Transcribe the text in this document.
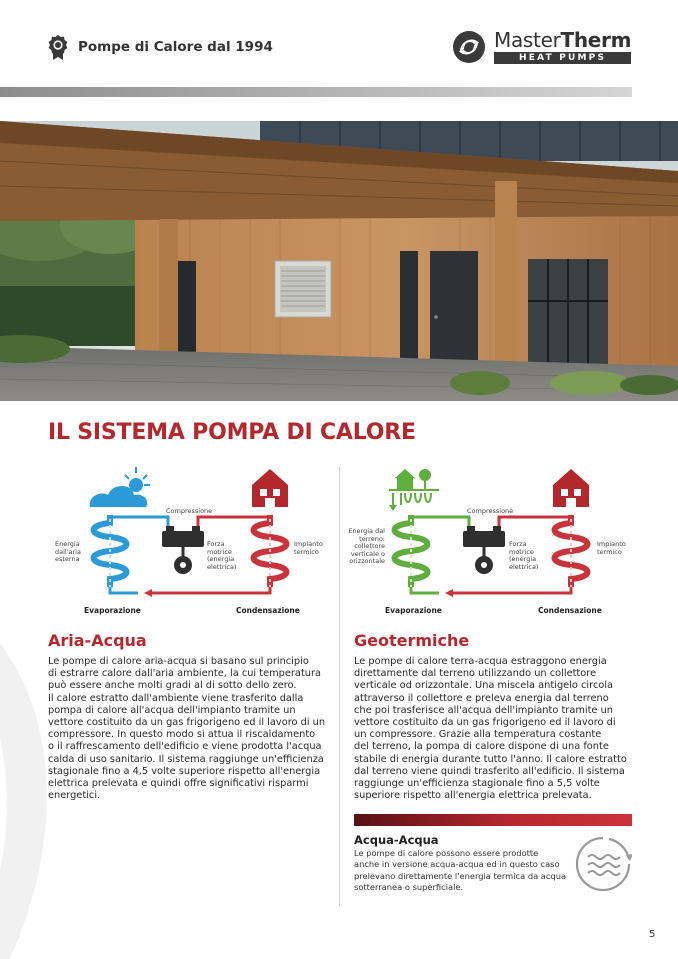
Pompe di Calore dal 1994	MasterTherm
HEAT PUMPS
IL SISTEMA POMPA DI CALORE
Compressione
Energia
dall'aria
esterna
Forza
motrice
(energia
elettrica)
Impianto
termico
Evaporazione	Condensazione
Compressione
Energia dal
terreno:
collettore
verticale o
orizzontale
Forza
motrice
(energia
elettrica)
Impianto
termico
Evaporazione	Condensazione
Aria-Acqua
Le pompe di calore aria-acqua si basano sul principio
di estrarre calore dall'aria ambiente, la cui temperatura
può essere anche molti gradi al di sotto dello zero.
Il calore estratto dall'ambiente viene trasferito dalla
pompa di calore all'acqua dell'impianto tramite un
vettore costituito da un gas frigorigeno ed il lavoro di un
compressore. In questo modo si attua il riscaldamento
o il raffrescamento dell'edificio e viene prodotta l'acqua
calda di uso sanitario. Il sistema raggiunge un'efficienza
stagionale fino a 4,5 volte superiore rispetto all'energia
elettrica prelevata e quindi offre significativi risparmi
energetici.
Geotermiche
Le pompe di calore terra-acqua estraggono energia
direttamente dal terreno utilizzando un collettore
verticale od orizzontale. Una miscela antigelo circola
attraverso il collettore e preleva energia dal terreno
che poi trasferisce all'acqua dell'impianto tramite un
vettore costituito da un gas frigorigeno ed il lavoro di
un compressore. Grazie alla temperatura costante
del terreno, la pompa di calore dispone di una fonte
stabile di energia durante tutto l'anno. Il calore estratto
dal terreno viene quindi trasferito all'edificio. Il sistema
raggiunge un'efficienza stagionale fino a 5,5 volte
superiore rispetto all'energia elettrica prelevata.
Acqua-Acqua
Le pompe di calore possono essere prodotte
anche in versione acqua-acqua ed in questo caso
prelevano direttamente l'energia termica da acqua
sotterranea o superficiale.
5
